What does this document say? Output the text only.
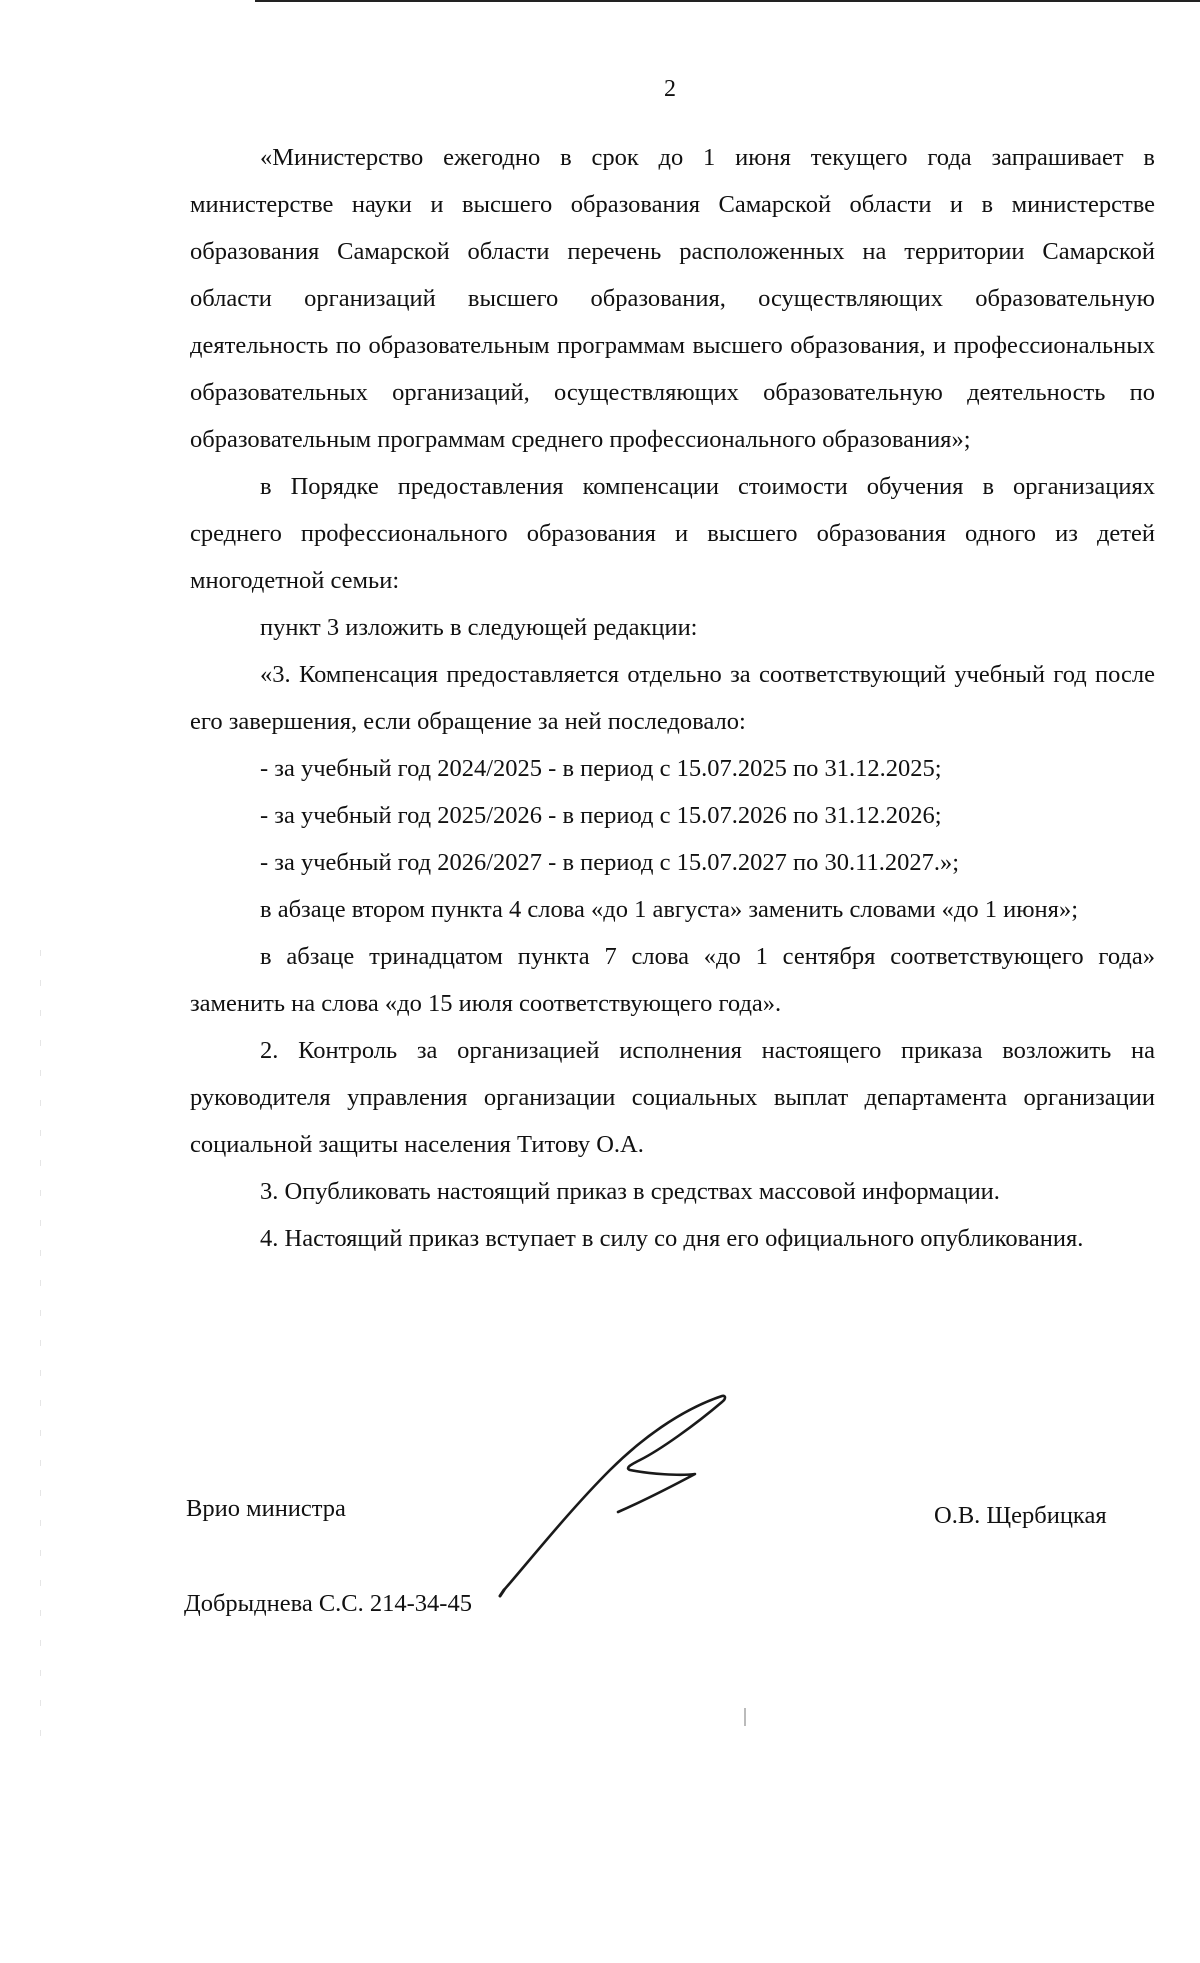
2

«Министерство ежегодно в срок до 1 июня текущего года запрашивает в министерстве науки и высшего образования Самарской области и в министерстве образования Самарской области перечень расположенных на территории Самарской области организаций высшего образования, осуществляющих образовательную деятельность по образовательным программам высшего образования, и профессиональных образовательных организаций, осуществляющих образовательную деятельность по образовательным программам среднего профессионального образования»;

в Порядке предоставления компенсации стоимости обучения в организациях среднего профессионального образования и высшего образования одного из детей многодетной семьи:

пункт 3 изложить в следующей редакции:

«3. Компенсация предоставляется отдельно за соответствующий учебный год после его завершения, если обращение за ней последовало:

- за учебный год 2024/2025 - в период с 15.07.2025 по 31.12.2025;

- за учебный год 2025/2026 - в период с 15.07.2026 по 31.12.2026;

- за учебный год 2026/2027 - в период с 15.07.2027 по 30.11.2027.»;

в абзаце втором пункта 4 слова «до 1 августа» заменить словами «до 1 июня»;

в абзаце тринадцатом пункта 7 слова «до 1 сентября соответствующего года» заменить на слова «до 15 июля соответствующего года».

2. Контроль за организацией исполнения настоящего приказа возложить на руководителя управления организации социальных выплат департамента организации социальной защиты населения Титову О.А.

3. Опубликовать настоящий приказ в средствах массовой информации.

4. Настоящий приказ вступает в силу со дня его официального опубликования.

Врио министра	О.В. Щербицкая
Добрыднева С.С. 214-34-45
